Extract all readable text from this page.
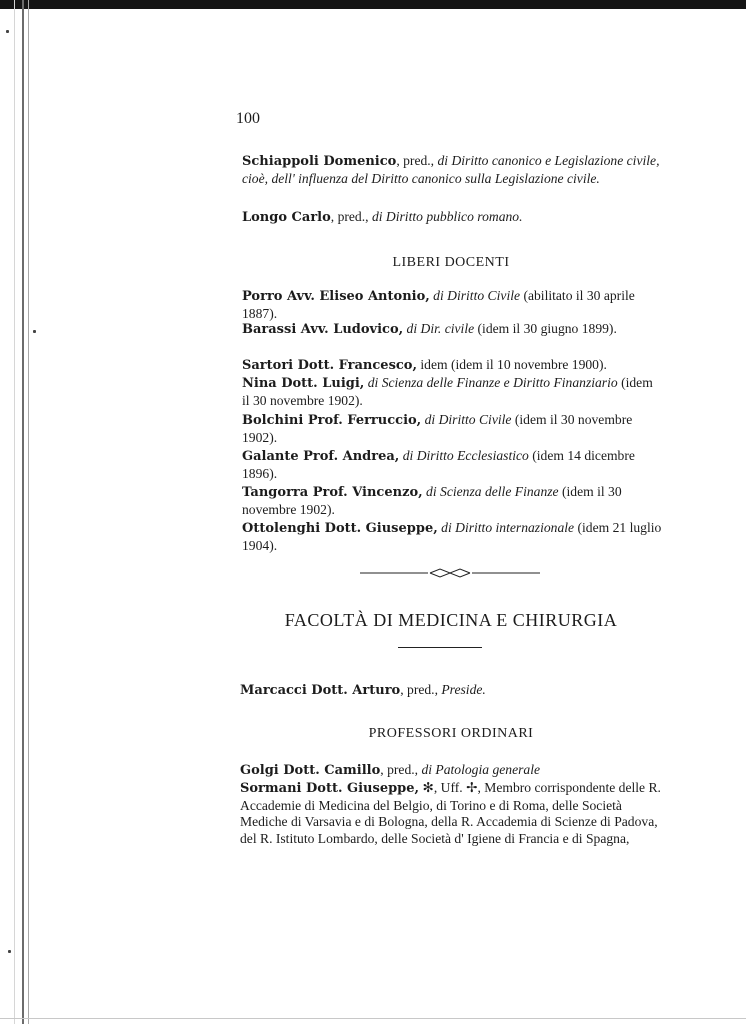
100
Schiappoli Domenico, pred., di Diritto canonico e Legislazione civile, cioè, dell' influenza del Diritto canonico sulla Legislazione civile.
Longo Carlo, pred., di Diritto pubblico romano.
LIBERI DOCENTI
Porro Avv. Eliseo Antonio, di Diritto Civile (abilitato il 30 aprile 1887).
Barassi Avv. Ludovico, di Dir. civile (idem il 30 giugno 1899).
Sartori Dott. Francesco, idem (idem il 10 novembre 1900).
Nina Dott. Luigi, di Scienza delle Finanze e Diritto Finanziario (idem il 30 novembre 1902).
Bolchini Prof. Ferruccio, di Diritto Civile (idem il 30 novembre 1902).
Galante Prof. Andrea, di Diritto Ecclesiastico (idem 14 dicembre 1896).
Tangorra Prof. Vincenzo, di Scienza delle Finanze (idem il 30 novembre 1902).
Ottolenghi Dott. Giuseppe, di Diritto internazionale (idem 21 luglio 1904).
FACOLTÀ DI MEDICINA E CHIRURGIA
Marcacci Dott. Arturo, pred., Preside.
PROFESSORI ORDINARI
Golgi Dott. Camillo, pred., di Patologia generale
Sormani Dott. Giuseppe, ✻, Uff. ✢, Membro corrispondente delle R. Accademie di Medicina del Belgio, di Torino e di Roma, delle Società Mediche di Varsavia e di Bologna, della R. Accademia di Scienze di Padova, del R. Istituto Lombardo, delle Società d' Igiene di Francia e di Spagna,
